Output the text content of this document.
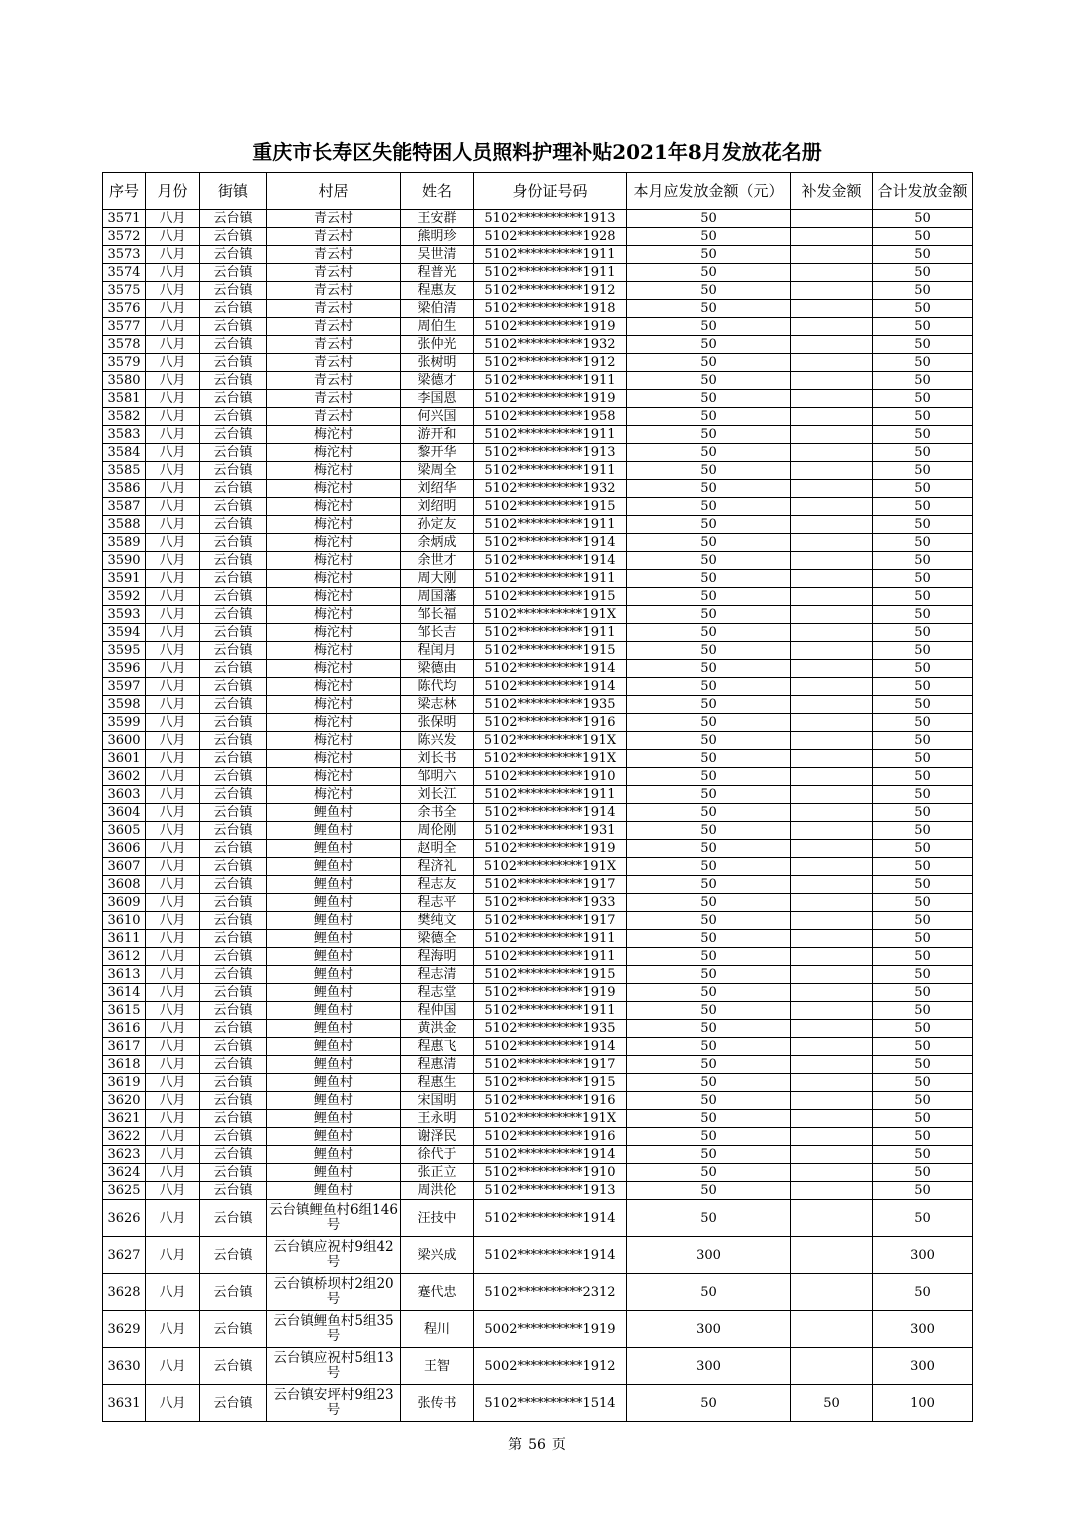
重庆市长寿区失能特困人员照料护理补贴2021年8月发放花名册
序号	月份	街镇	村居	姓名	身份证号码	本月应发放金额（元）	补发金额	合计发放金额
3571	八月	云台镇	青云村	王安群	5102**********1913	50		50
3572	八月	云台镇	青云村	熊明珍	5102**********1928	50		50
3573	八月	云台镇	青云村	吴世清	5102**********1911	50		50
3574	八月	云台镇	青云村	程普光	5102**********1911	50		50
3575	八月	云台镇	青云村	程惠友	5102**********1912	50		50
3576	八月	云台镇	青云村	梁伯清	5102**********1918	50		50
3577	八月	云台镇	青云村	周伯生	5102**********1919	50		50
3578	八月	云台镇	青云村	张仲光	5102**********1932	50		50
3579	八月	云台镇	青云村	张树明	5102**********1912	50		50
3580	八月	云台镇	青云村	梁德才	5102**********1911	50		50
3581	八月	云台镇	青云村	李国恩	5102**********1919	50		50
3582	八月	云台镇	青云村	何兴国	5102**********1958	50		50
3583	八月	云台镇	梅沱村	游开和	5102**********1911	50		50
3584	八月	云台镇	梅沱村	黎开华	5102**********1913	50		50
3585	八月	云台镇	梅沱村	梁周全	5102**********1911	50		50
3586	八月	云台镇	梅沱村	刘绍华	5102**********1932	50		50
3587	八月	云台镇	梅沱村	刘绍明	5102**********1915	50		50
3588	八月	云台镇	梅沱村	孙定友	5102**********1911	50		50
3589	八月	云台镇	梅沱村	余炳成	5102**********1914	50		50
3590	八月	云台镇	梅沱村	余世才	5102**********1914	50		50
3591	八月	云台镇	梅沱村	周大刚	5102**********1911	50		50
3592	八月	云台镇	梅沱村	周国藩	5102**********1915	50		50
3593	八月	云台镇	梅沱村	邹长福	5102**********191X	50		50
3594	八月	云台镇	梅沱村	邹长吉	5102**********1911	50		50
3595	八月	云台镇	梅沱村	程闰月	5102**********1915	50		50
3596	八月	云台镇	梅沱村	梁德由	5102**********1914	50		50
3597	八月	云台镇	梅沱村	陈代均	5102**********1914	50		50
3598	八月	云台镇	梅沱村	梁志林	5102**********1935	50		50
3599	八月	云台镇	梅沱村	张保明	5102**********1916	50		50
3600	八月	云台镇	梅沱村	陈兴发	5102**********191X	50		50
3601	八月	云台镇	梅沱村	刘长书	5102**********191X	50		50
3602	八月	云台镇	梅沱村	邹明六	5102**********1910	50		50
3603	八月	云台镇	梅沱村	刘长江	5102**********1911	50		50
3604	八月	云台镇	鲤鱼村	余书全	5102**********1914	50		50
3605	八月	云台镇	鲤鱼村	周伦刚	5102**********1931	50		50
3606	八月	云台镇	鲤鱼村	赵明全	5102**********1919	50		50
3607	八月	云台镇	鲤鱼村	程济礼	5102**********191X	50		50
3608	八月	云台镇	鲤鱼村	程志友	5102**********1917	50		50
3609	八月	云台镇	鲤鱼村	程志平	5102**********1933	50		50
3610	八月	云台镇	鲤鱼村	樊纯文	5102**********1917	50		50
3611	八月	云台镇	鲤鱼村	梁德全	5102**********1911	50		50
3612	八月	云台镇	鲤鱼村	程海明	5102**********1911	50		50
3613	八月	云台镇	鲤鱼村	程志清	5102**********1915	50		50
3614	八月	云台镇	鲤鱼村	程志堂	5102**********1919	50		50
3615	八月	云台镇	鲤鱼村	程仲国	5102**********1911	50		50
3616	八月	云台镇	鲤鱼村	黄洪金	5102**********1935	50		50
3617	八月	云台镇	鲤鱼村	程惠飞	5102**********1914	50		50
3618	八月	云台镇	鲤鱼村	程惠清	5102**********1917	50		50
3619	八月	云台镇	鲤鱼村	程惠生	5102**********1915	50		50
3620	八月	云台镇	鲤鱼村	宋国明	5102**********1916	50		50
3621	八月	云台镇	鲤鱼村	王永明	5102**********191X	50		50
3622	八月	云台镇	鲤鱼村	谢泽民	5102**********1916	50		50
3623	八月	云台镇	鲤鱼村	徐代于	5102**********1914	50		50
3624	八月	云台镇	鲤鱼村	张正立	5102**********1910	50		50
3625	八月	云台镇	鲤鱼村	周洪伦	5102**********1913	50		50
3626	八月	云台镇	云台镇鲤鱼村6组146号	汪技中	5102**********1914	50		50
3627	八月	云台镇	云台镇应祝村9组42号	梁兴成	5102**********1914	300		300
3628	八月	云台镇	云台镇桥坝村2组20号	蹇代忠	5102**********2312	50		50
3629	八月	云台镇	云台镇鲤鱼村5组35号	程川	5002**********1919	300		300
3630	八月	云台镇	云台镇应祝村5组13号	王智	5002**********1912	300		300
3631	八月	云台镇	云台镇安坪村9组23号	张传书	5102**********1514	50	50	100
第 56 页
